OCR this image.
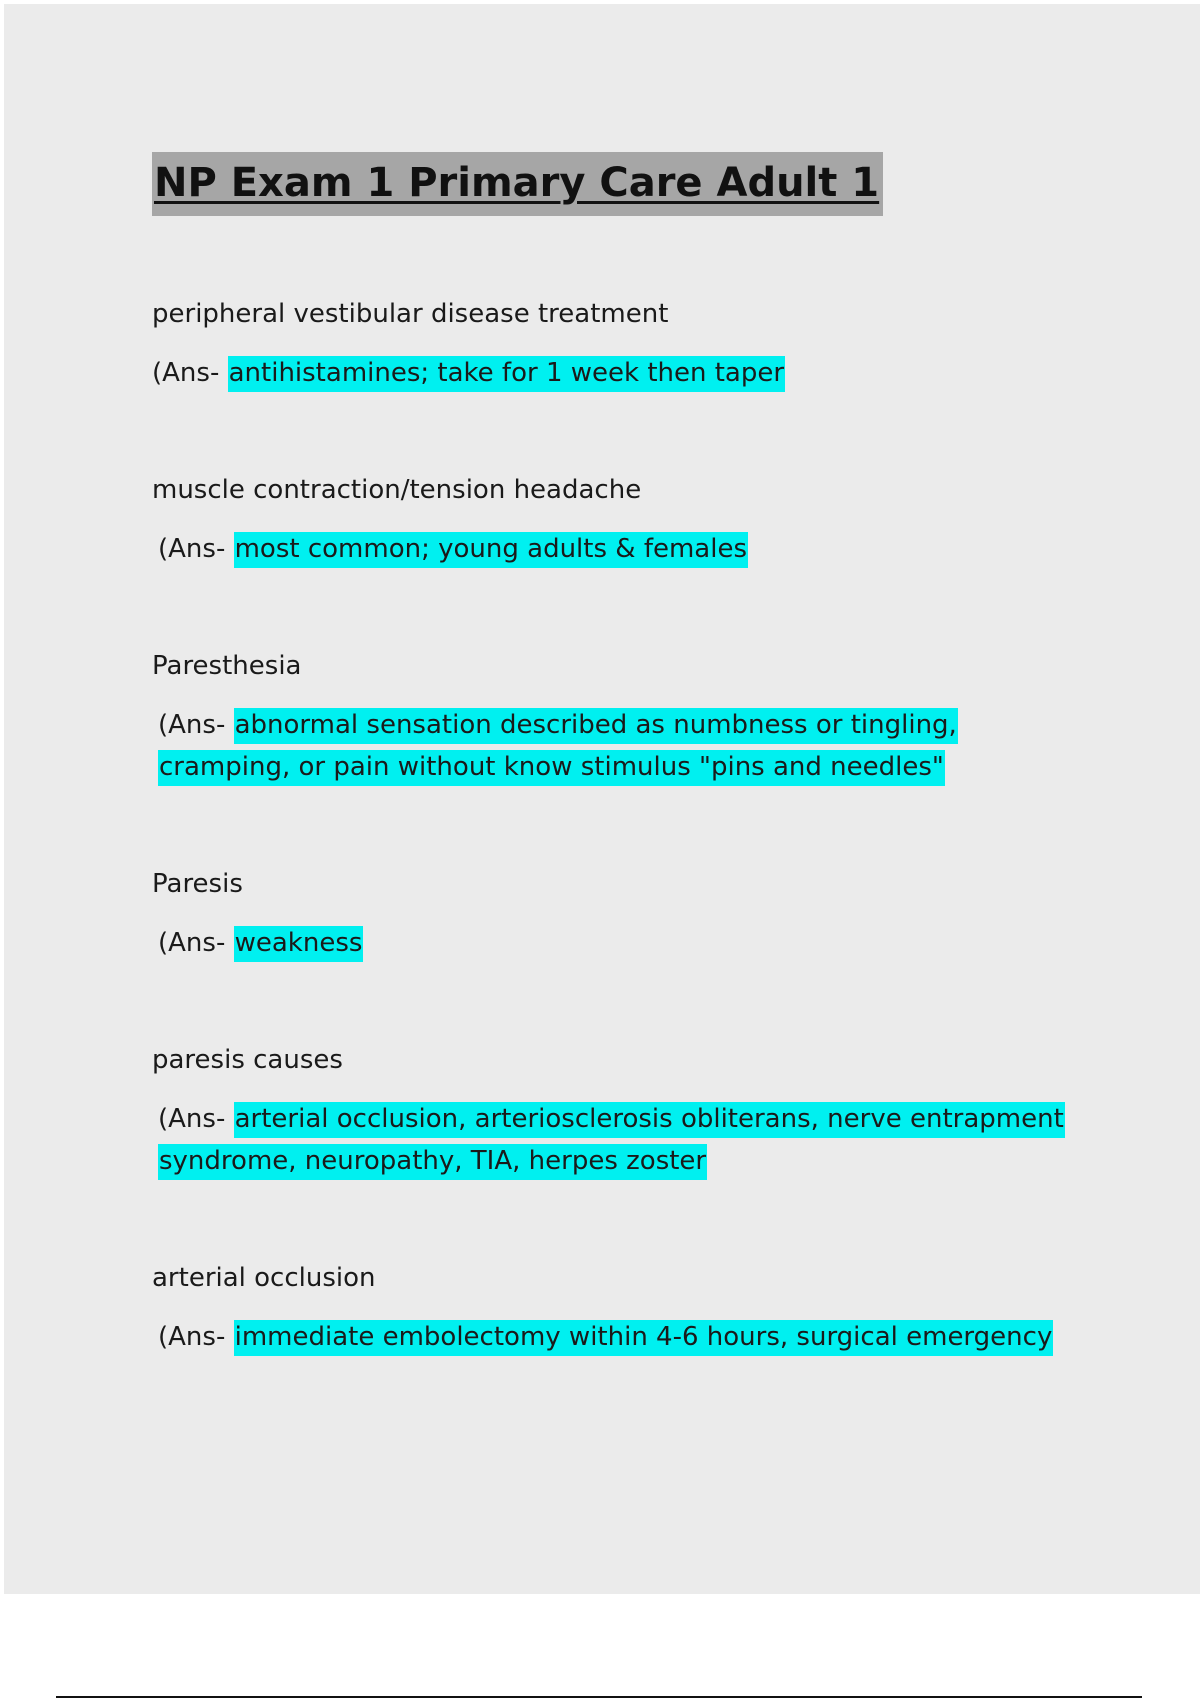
NP Exam 1 Primary Care Adult 1

peripheral vestibular disease treatment

(Ans- antihistamines; take for 1 week then taper

muscle contraction/tension headache

(Ans- most common; young adults & females

Paresthesia

(Ans- abnormal sensation described as numbness or tingling, cramping, or pain without know stimulus "pins and needles"

Paresis

(Ans- weakness

paresis causes

(Ans- arterial occlusion, arteriosclerosis obliterans, nerve entrapment syndrome, neuropathy, TIA, herpes zoster

arterial occlusion

(Ans- immediate embolectomy within 4-6 hours, surgical emergency
